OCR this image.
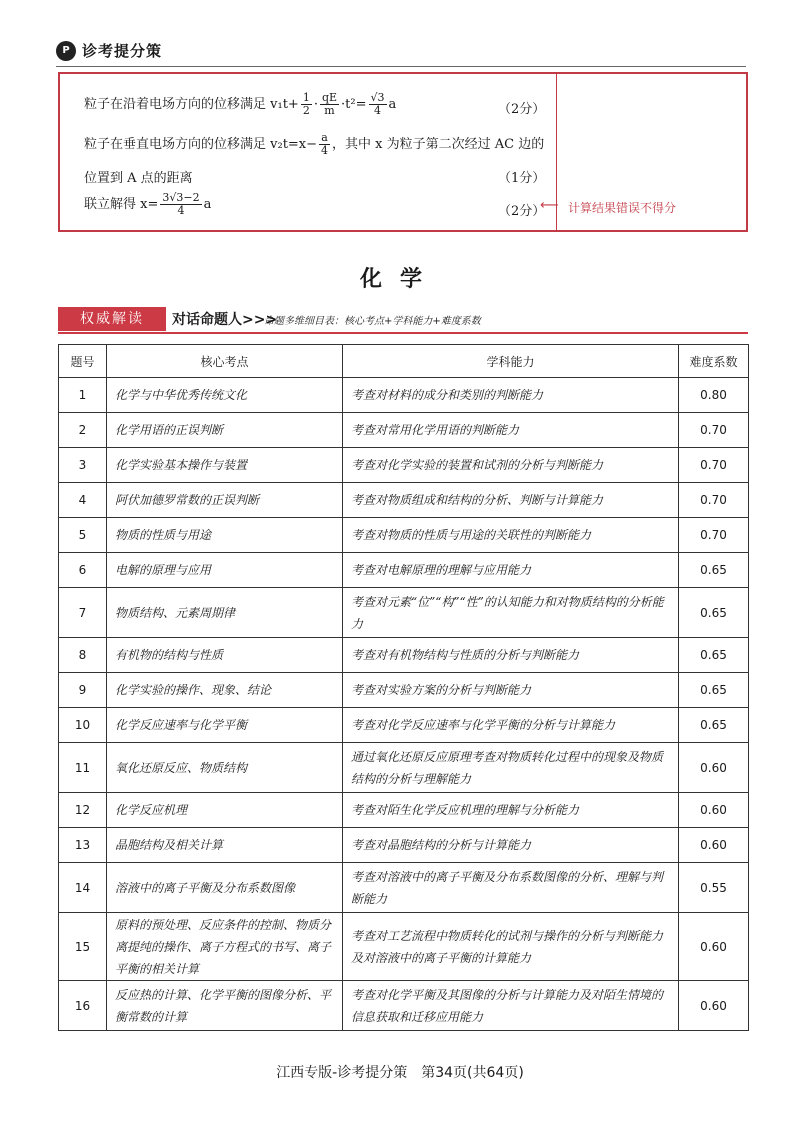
P 诊考提分策
粒子在沿着电场方向的位移满足 $v_1t+ \frac{1}{2} \cdot \frac{qE}{m} \cdot t^2= \frac{√3}{4}$ a	（2分）
粒子在垂直电场方向的位移满足 $v_2t=x- \frac{a}{4}$ ，其中 x 为粒子第二次经过 AC 边的
位置到 A 点的距离	（1分）
联立解得 $x= \frac{3√3-2}{4}$ a	（2分）
⟵ 计算结果错误不得分
化学
权威解读	对话命题人>>>
命题多维细目表：核心考点+学科能力+难度系数
题号	核心考点	学科能力	难度系数
1	化学与中华优秀传统文化	考查对材料的成分和类别的判断能力	0.80
2	化学用语的正误判断	考查对常用化学用语的判断能力	0.70
3	化学实验基本操作与装置	考查对化学实验的装置和试剂的分析与判断能力	0.70
4	阿伏加德罗常数的正误判断	考查对物质组成和结构的分析、判断与计算能力	0.70
5	物质的性质与用途	考查对物质的性质与用途的关联性的判断能力	0.70
6	电解的原理与应用	考查对电解原理的理解与应用能力	0.65
7	物质结构、元素周期律	考查对元素“位”“构”“性”的认知能力和对物质结构的分析能力	0.65
8	有机物的结构与性质	考查对有机物结构与性质的分析与判断能力	0.65
9	化学实验的操作、现象、结论	考查对实验方案的分析与判断能力	0.65
10	化学反应速率与化学平衡	考查对化学反应速率与化学平衡的分析与计算能力	0.65
11	氧化还原反应、物质结构	通过氧化还原反应原理考查对物质转化过程中的现象及物质结构的分析与理解能力	0.60
12	化学反应机理	考查对陌生化学反应机理的理解与分析能力	0.60
13	晶胞结构及相关计算	考查对晶胞结构的分析与计算能力	0.60
14	溶液中的离子平衡及分布系数图像	考查对溶液中的离子平衡及分布系数图像的分析、理解与判断能力	0.55
15	原料的预处理、反应条件的控制、物质分离提纯的操作、离子方程式的书写、离子平衡的相关计算	考查对工艺流程中物质转化的试剂与操作的分析与判断能力及对溶液中的离子平衡的计算能力	0.60
16	反应热的计算、化学平衡的图像分析、平衡常数的计算	考查对化学平衡及其图像的分析与计算能力及对陌生情境的信息获取和迁移应用能力	0.60
江西专版-诊考提分策　第34页(共64页)
